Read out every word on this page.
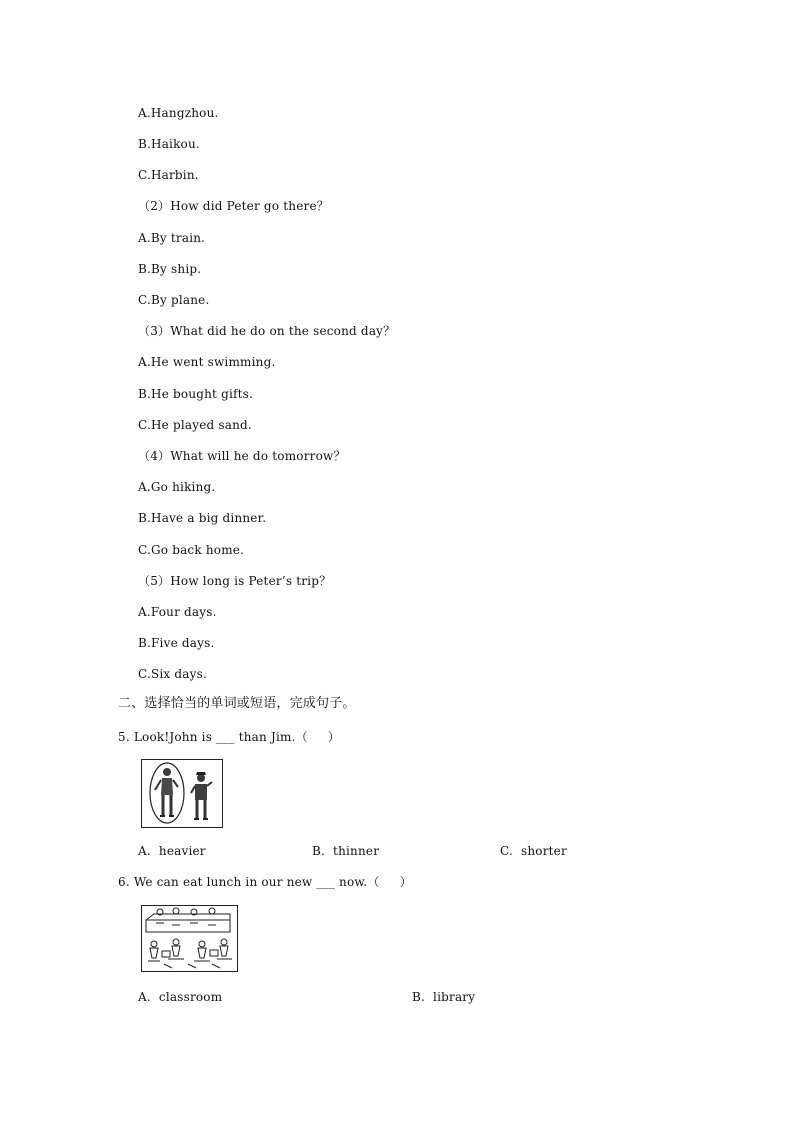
A.Hangzhou.
B.Haikou.
C.Harbin.
（2）How did Peter go there？
A.By train.
B.By ship.
C.By plane.
（3）What did he do on the second day？
A.He went swimming.
B.He bought gifts.
C.He played sand.
（4）What will he do tomorrow？
A.Go hiking.
B.Have a big dinner.
C.Go back home.
（5）How long is Peter’s trip？
A.Four days.
B.Five days.
C.Six days.
二、选择恰当的单词或短语，完成句子。
5. Look!John is ___ than Jim.（     ）
A.  heavier	B.  thinner	C.  shorter
6. We can eat lunch in our new ___ now.（     ）
A.  classroom	B.  library
